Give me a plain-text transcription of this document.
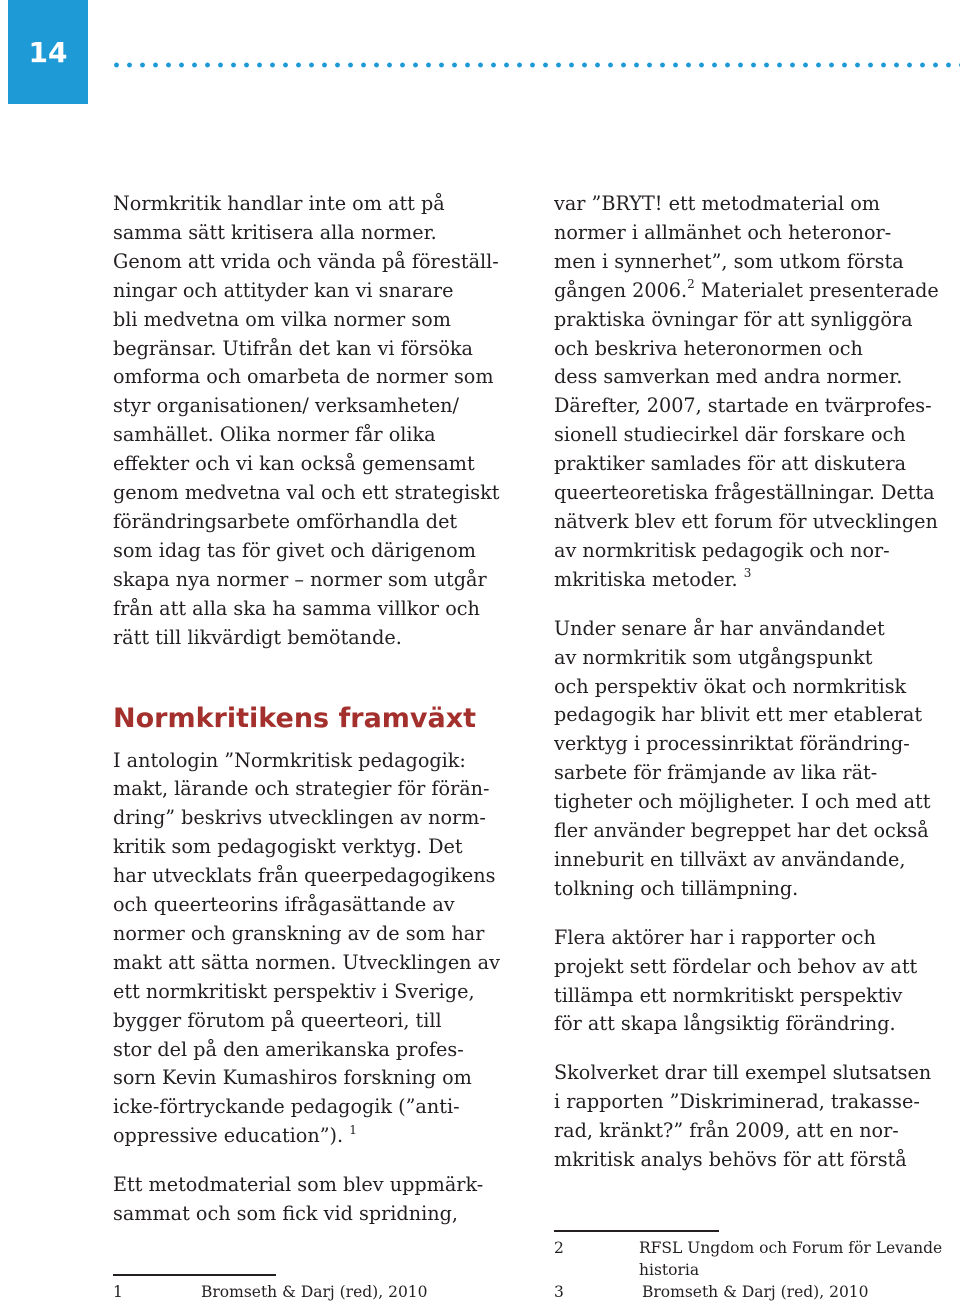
14

Normkritik handlar inte om att på
samma sätt kritisera alla normer.
Genom att vrida och vända på föreställ-
ningar och attityder kan vi snarare
bli medvetna om vilka normer som
begränsar. Utifrån det kan vi försöka
omforma och omarbeta de normer som
styr organisationen/ verksamheten/
samhället. Olika normer får olika
effekter och vi kan också gemensamt
genom medvetna val och ett strategiskt
förändringsarbete omförhandla det
som idag tas för givet och därigenom
skapa nya normer – normer som utgår
från att alla ska ha samma villkor och
rätt till likvärdigt bemötande.

Normkritikens framväxt

I antologin ”Normkritisk pedagogik:
makt, lärande och strategier för förän-
dring” beskrivs utvecklingen av norm-
kritik som pedagogiskt verktyg. Det
har utvecklats från queerpedagogikens
och queerteorins ifrågasättande av
normer och granskning av de som har
makt att sätta normen. Utvecklingen av
ett normkritiskt perspektiv i Sverige,
bygger förutom på queerteori, till
stor del på den amerikanska profes-
sorn Kevin Kumashiros forskning om
icke-förtryckande pedagogik (”anti-
oppressive education”). $^1$

Ett metodmaterial som blev uppmärk-
sammat och som fick vid spridning,

var ”BRYT! ett metodmaterial om
normer i allmänhet och heteronor-
men i synnerhet”, som utkom första
gången 2006.$^2$ Materialet presenterade
praktiska övningar för att synliggöra
och beskriva heteronormen och
dess samverkan med andra normer.
Därefter, 2007, startade en tvärprofes-
sionell studiecirkel där forskare och
praktiker samlades för att diskutera
queerteoretiska frågeställningar. Detta
nätverk blev ett forum för utvecklingen
av normkritisk pedagogik och nor-
mkritiska metoder. $^3$

Under senare år har användandet
av normkritik som utgångspunkt
och perspektiv ökat och normkritisk
pedagogik har blivit ett mer etablerat
verktyg i processinriktat förändring-
sarbete för främjande av lika rät-
tigheter och möjligheter. I och med att
fler använder begreppet har det också
inneburit en tillväxt av användande,
tolkning och tillämpning.

Flera aktörer har i rapporter och
projekt sett fördelar och behov av att
tillämpa ett normkritiskt perspektiv
för att skapa långsiktig förändring.

Skolverket drar till exempel slutsatsen
i rapporten ”Diskriminerad, trakasse-
rad, kränkt?” från 2009, att en nor-
mkritisk analys behövs för att förstå

1	Bromseth & Darj (red), 2010
2	RFSL Ungdom och Forum för Levande
historia
3	Bromseth & Darj (red), 2010
